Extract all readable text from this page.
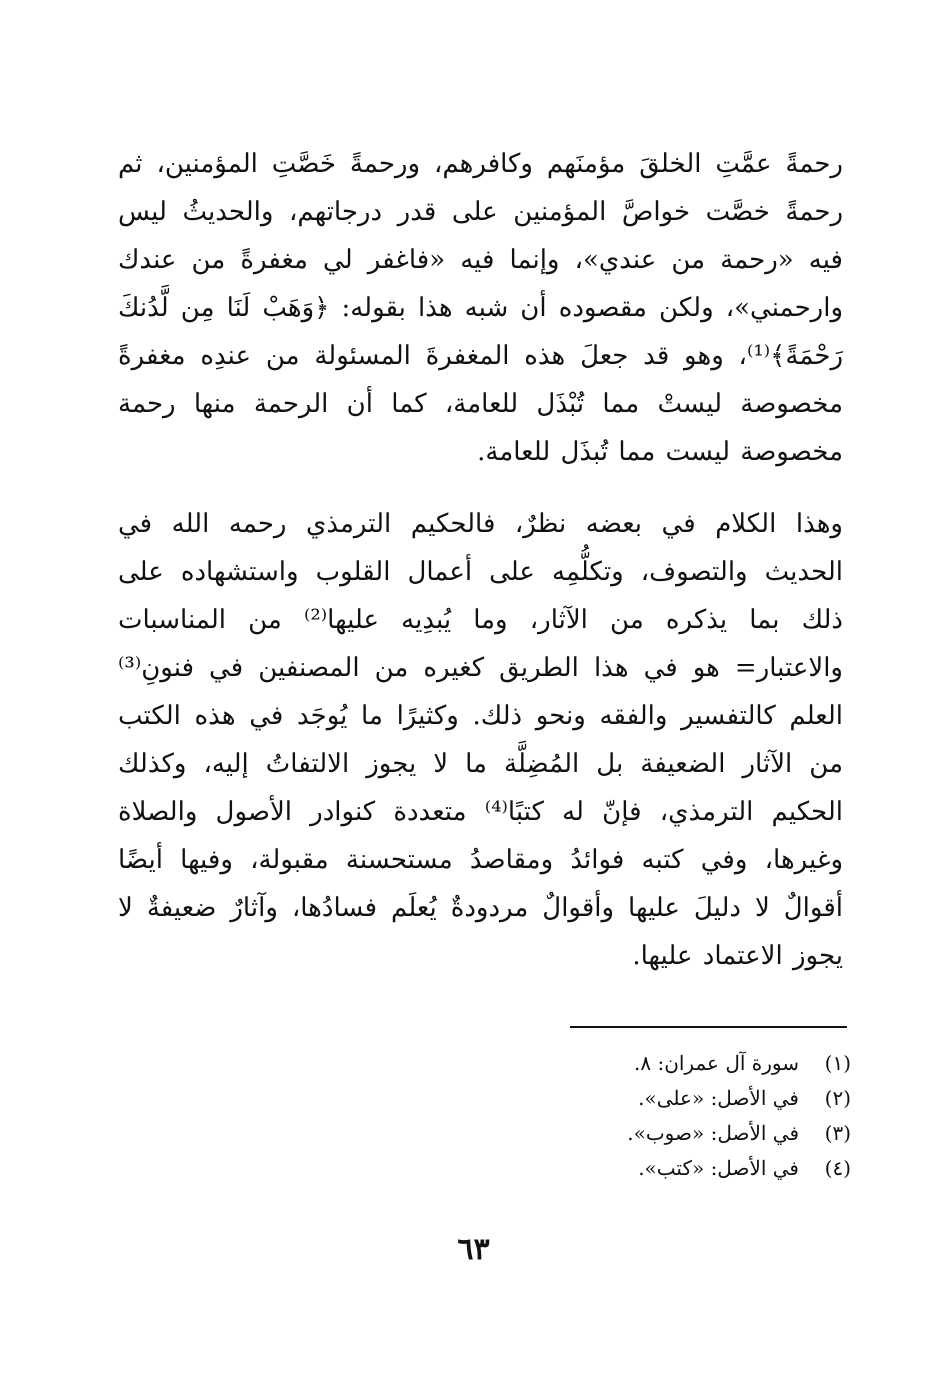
رحمةً عمَّتِ الخلقَ مؤمنَهم وكافرهم، ورحمةً خَصَّتِ المؤمنين، ثم رحمةً خصَّت خواصَّ المؤمنين على قدر درجاتهم، والحديثُ ليس فيه «رحمة من عندي»، وإنما فيه «فاغفر لي مغفرةً من عندك وارحمني»، ولكن مقصوده أن شبه هذا بقوله: ﴿وَهَبْ لَنَا مِن لَّدُنكَ رَحْمَةً﴾⁽¹⁾، وهو قد جعلَ هذه المغفرةَ المسئولة من عندِه مغفرةً مخصوصة ليستْ مما تُبْذَل للعامة، كما أن الرحمة منها رحمة مخصوصة ليست مما تُبذَل للعامة.

وهذا الكلام في بعضه نظرٌ، فالحكيم الترمذي رحمه الله في الحديث والتصوف، وتكلُّمِه على أعمال القلوب واستشهاده على ذلك بما يذكره من الآثار، وما يُبدِيه عليها⁽²⁾ من المناسبات والاعتبار= هو في هذا الطريق كغيره من المصنفين في فنونِ⁽³⁾ العلم كالتفسير والفقه ونحو ذلك. وكثيرًا ما يُوجَد في هذه الكتب من الآثار الضعيفة بل المُضِلَّة ما لا يجوز الالتفاتُ إليه، وكذلك الحكيم الترمذي، فإنّ له كتبًا⁽⁴⁾ متعددة كنوادر الأصول والصلاة وغيرها، وفي كتبه فوائدُ ومقاصدُ مستحسنة مقبولة، وفيها أيضًا أقوالٌ لا دليلَ عليها وأقوالٌ مردودةٌ يُعلَم فسادُها، وآثارٌ ضعيفةٌ لا يجوز الاعتماد عليها.

(١)
سورة آل عمران: ٨.
(٢)
في الأصل: «على».
(٣)
في الأصل: «صوب».
(٤)
في الأصل: «كتب».
٦٣
